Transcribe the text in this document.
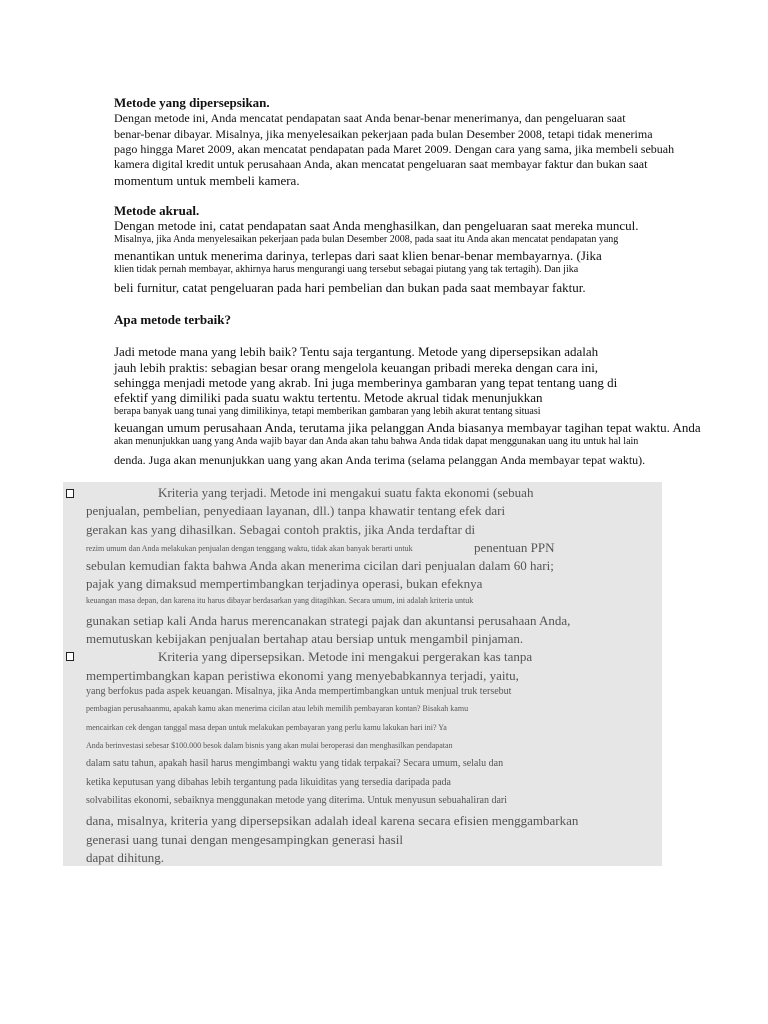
Metode yang dipersepsikan.
Dengan metode ini, Anda mencatat pendapatan saat Anda benar-benar menerimanya, dan pengeluaran saat
benar-benar dibayar. Misalnya, jika menyelesaikan pekerjaan pada bulan Desember 2008, tetapi tidak menerima
pago hingga Maret 2009, akan mencatat pendapatan pada Maret 2009. Dengan cara yang sama, jika membeli sebuah
kamera digital kredit untuk perusahaan Anda, akan mencatat pengeluaran saat membayar faktur dan bukan saat
momentum untuk membeli kamera.
Metode akrual.
Dengan metode ini, catat pendapatan saat Anda menghasilkan, dan pengeluaran saat mereka muncul.
Misalnya, jika Anda menyelesaikan pekerjaan pada bulan Desember 2008, pada saat itu Anda akan mencatat pendapatan yang
menantikan untuk menerima darinya, terlepas dari saat klien benar-benar membayarnya. (Jika
klien tidak pernah membayar, akhirnya harus mengurangi uang tersebut sebagai piutang yang tak tertagih). Dan jika
beli furnitur, catat pengeluaran pada hari pembelian dan bukan pada saat membayar faktur.
Apa metode terbaik?
Jadi metode mana yang lebih baik? Tentu saja tergantung. Metode yang dipersepsikan adalah
jauh lebih praktis: sebagian besar orang mengelola keuangan pribadi mereka dengan cara ini,
sehingga menjadi metode yang akrab. Ini juga memberinya gambaran yang tepat tentang uang di
efektif yang dimiliki pada suatu waktu tertentu. Metode akrual tidak menunjukkan
berapa banyak uang tunai yang dimilikinya, tetapi memberikan gambaran yang lebih akurat tentang situasi
keuangan umum perusahaan Anda, terutama jika pelanggan Anda biasanya membayar tagihan tepat waktu. Anda
akan menunjukkan uang yang Anda wajib bayar dan Anda akan tahu bahwa Anda tidak dapat menggunakan uang itu untuk hal lain
denda. Juga akan menunjukkan uang yang akan Anda terima (selama pelanggan Anda membayar tepat waktu).
Kriteria yang terjadi. Metode ini mengakui suatu fakta ekonomi (sebuah
penjualan, pembelian, penyediaan layanan, dll.) tanpa khawatir tentang efek dari
gerakan kas yang dihasilkan. Sebagai contoh praktis, jika Anda terdaftar di
rezim umum dan Anda melakukan penjualan dengan tenggang waktu, tidak akan banyak berarti untuk	penentuan PPN
sebulan kemudian fakta bahwa Anda akan menerima cicilan dari penjualan dalam 60 hari;
pajak yang dimaksud mempertimbangkan terjadinya operasi, bukan efeknya
keuangan masa depan, dan karena itu harus dibayar berdasarkan yang ditagihkan. Secara umum, ini adalah kriteria untuk
gunakan setiap kali Anda harus merencanakan strategi pajak dan akuntansi perusahaan Anda,
memutuskan kebijakan penjualan bertahap atau bersiap untuk mengambil pinjaman.
Kriteria yang dipersepsikan. Metode ini mengakui pergerakan kas tanpa
mempertimbangkan kapan peristiwa ekonomi yang menyebabkannya terjadi, yaitu,
yang berfokus pada aspek keuangan. Misalnya, jika Anda mempertimbangkan untuk menjual truk tersebut
pembagian perusahaanmu, apakah kamu akan menerima cicilan atau lebih memilih pembayaran kontan? Bisakah kamu
mencairkan cek dengan tanggal masa depan untuk melakukan pembayaran yang perlu kamu lakukan hari ini? Ya
Anda berinvestasi sebesar $100.000 besok dalam bisnis yang akan mulai beroperasi dan menghasilkan pendapatan
dalam satu tahun, apakah hasil harus mengimbangi waktu yang tidak terpakai? Secara umum, selalu dan
ketika keputusan yang dibahas lebih tergantung pada likuiditas yang tersedia daripada pada
solvabilitas ekonomi, sebaiknya menggunakan metode yang diterima. Untuk menyusun sebuahaliran dari
dana, misalnya, kriteria yang dipersepsikan adalah ideal karena secara efisien menggambarkan
generasi uang tunai dengan mengesampingkan generasi hasil
dapat dihitung.
